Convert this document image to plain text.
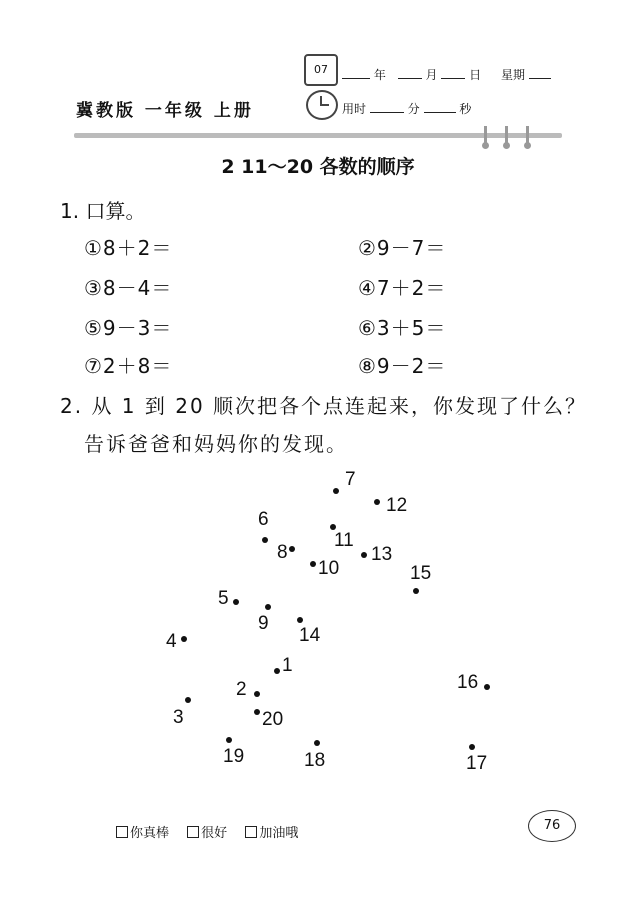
07	年	月	日 星期
冀教版 一年级 上册	用时	分	秒
2 11～20 各数的顺序
1. 口算。
①8＋2＝	②9－7＝
③8－4＝	④7＋2＝
⑤9－3＝	⑥3＋5＝
⑦2＋8＝	⑧9－2＝
2. 从 1 到 20 顺次把各个点连起来，你发现了什么？
告诉爸爸和妈妈你的发现。
1
2
3
4
5
6
7
8
9
10
11
12
13
14
15
16
17
18
19
20
你真棒 很好 加油哦
76
